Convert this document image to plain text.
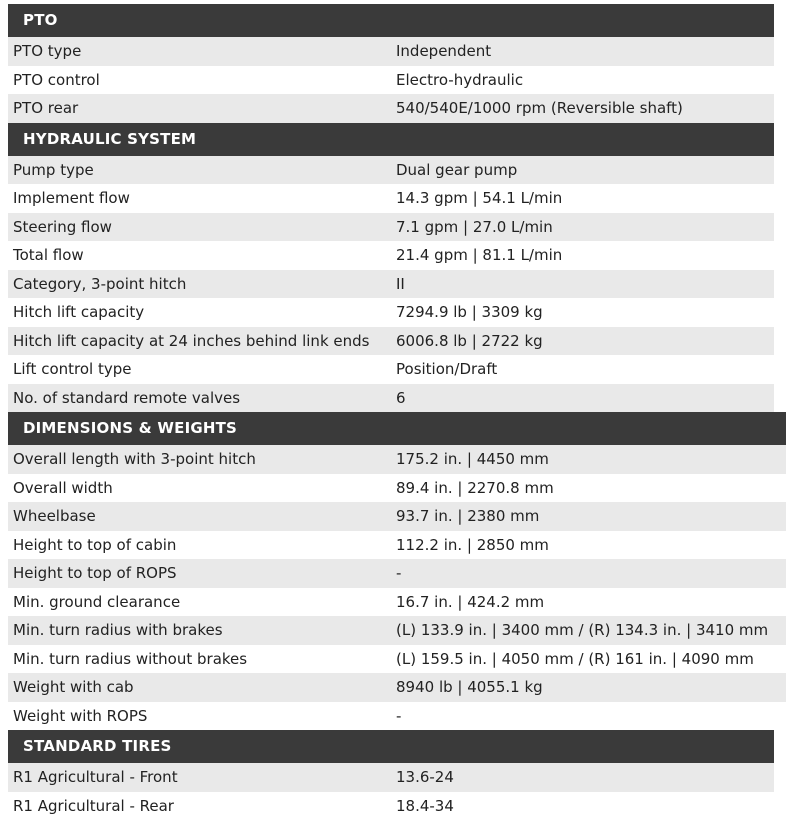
PTO
PTO type	Independent
PTO control	Electro-hydraulic
PTO rear	540/540E/1000 rpm (Reversible shaft)
HYDRAULIC SYSTEM
Pump type	Dual gear pump
Implement flow	14.3 gpm | 54.1 L/min
Steering flow	7.1 gpm | 27.0 L/min
Total flow	21.4 gpm | 81.1 L/min
Category, 3-point hitch	II
Hitch lift capacity	7294.9 lb | 3309 kg
Hitch lift capacity at 24 inches behind link ends	6006.8 lb | 2722 kg
Lift control type	Position/Draft
No. of standard remote valves	6
DIMENSIONS & WEIGHTS
Overall length with 3-point hitch	175.2 in. | 4450 mm
Overall width	89.4 in. | 2270.8 mm
Wheelbase	93.7 in. | 2380 mm
Height to top of cabin	112.2 in. | 2850 mm
Height to top of ROPS	-
Min. ground clearance	16.7 in. | 424.2 mm
Min. turn radius with brakes	(L) 133.9 in. | 3400 mm / (R) 134.3 in. | 3410 mm
Min. turn radius without brakes	(L) 159.5 in. | 4050 mm / (R) 161 in. | 4090 mm
Weight with cab	8940 lb | 4055.1 kg
Weight with ROPS	-
STANDARD TIRES
R1 Agricultural - Front	13.6-24
R1 Agricultural - Rear	18.4-34
